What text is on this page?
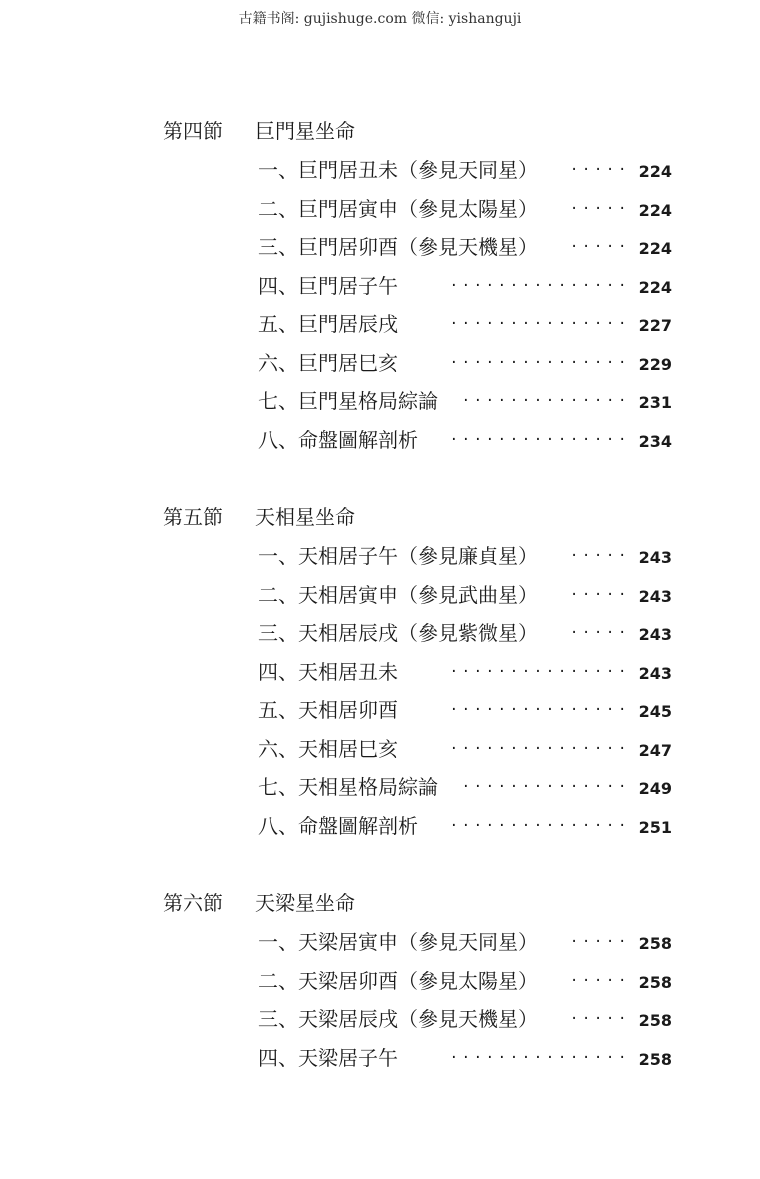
古籍书阁: gujishuge.com 微信: yishanguji
第四節 巨門星坐命
一、巨門居丑未（參見天同星） ····· 224
二、巨門居寅申（參見太陽星） ····· 224
三、巨門居卯酉（參見天機星） ····· 224
四、巨門居子午	··············· 224
五、巨門居辰戌	··············· 227
六、巨門居巳亥	··············· 229
七、巨門星格局綜論 ·············· 231
八、命盤圖解剖析 ··············· 234
第五節 天相星坐命
一、天相居子午（參見廉貞星） ····· 243
二、天相居寅申（參見武曲星） ····· 243
三、天相居辰戌（參見紫微星） ····· 243
四、天相居丑未	··············· 243
五、天相居卯酉	··············· 245
六、天相居巳亥	··············· 247
七、天相星格局綜論 ·············· 249
八、命盤圖解剖析 ··············· 251
第六節 天梁星坐命
一、天梁居寅申（參見天同星） ····· 258
二、天梁居卯酉（參見太陽星） ····· 258
三、天梁居辰戌（參見天機星） ····· 258
四、天梁居子午	··············· 258
